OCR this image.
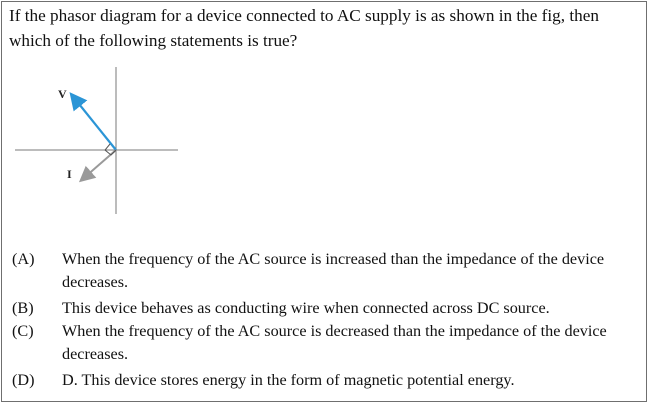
If the phasor diagram for a device connected to AC supply is as shown in the fig, then which of the following statements is true?

V
I
(A)	When the frequency of the AC source is increased than the impedance of the device decreases.
(B)	This device behaves as conducting wire when connected across DC source.
(C)	When the frequency of the AC source is decreased than the impedance of the device decreases.
(D)	D. This device stores energy in the form of magnetic potential energy.
